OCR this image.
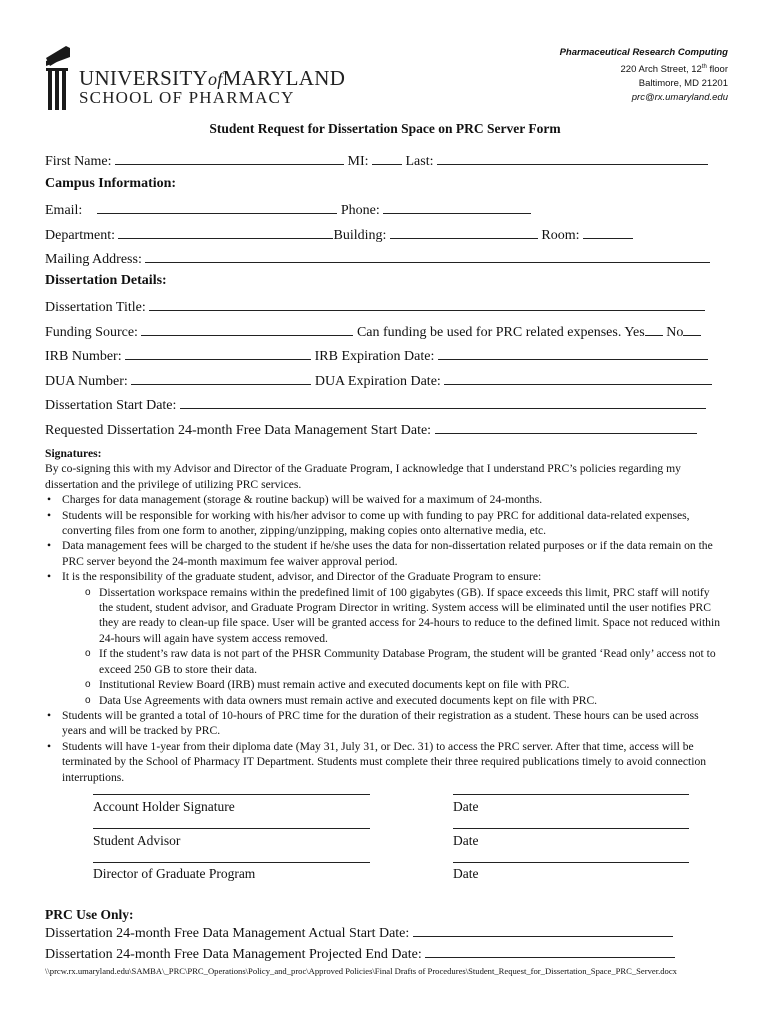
UNIVERSITYofMARYLAND
SCHOOL OF PHARMACY
Pharmaceutical Research Computing
220 Arch Street, 12th floor
Baltimore, MD 21201
prc@rx.umaryland.edu
Student Request for Dissertation Space on PRC Server Form
First Name:	MI:	Last:
Campus Information:
Email:	Phone:
Department:	Building:	Room:
Mailing Address:
Dissertation Details:
Dissertation Title:
Funding Source:	Can funding be used for PRC related expenses. Yes No
IRB Number:	IRB Expiration Date:
DUA Number:	DUA Expiration Date:
Dissertation Start Date:
Requested Dissertation 24-month Free Data Management Start Date:
Signatures:
By co-signing this with my Advisor and Director of the Graduate Program, I acknowledge that I understand PRC’s policies regarding my dissertation and the privilege of utilizing PRC services.
• Charges for data management (storage & routine backup) will be waived for a maximum of 24-months.
• Students will be responsible for working with his/her advisor to come up with funding to pay PRC for additional data-related expenses, converting files from one form to another, zipping/unzipping, making copies onto alternative media, etc.
• Data management fees will be charged to the student if he/she uses the data for non-dissertation related purposes or if the data remain on the PRC server beyond the 24-month maximum fee waiver approval period.
• It is the responsibility of the graduate student, advisor, and Director of the Graduate Program to ensure:
o Dissertation workspace remains within the predefined limit of 100 gigabytes (GB). If space exceeds this limit, PRC staff will notify the student, student advisor, and Graduate Program Director in writing. System access will be eliminated until the user notifies PRC they are ready to clean-up file space. User will be granted access for 24-hours to reduce to the defined limit. Space not reduced within 24-hours will again have system access removed.
o If the student’s raw data is not part of the PHSR Community Database Program, the student will be granted ‘Read only’ access not to exceed 250 GB to store their data.
o Institutional Review Board (IRB) must remain active and executed documents kept on file with PRC.
o Data Use Agreements with data owners must remain active and executed documents kept on file with PRC.
• Students will be granted a total of 10-hours of PRC time for the duration of their registration as a student. These hours can be used across years and will be tracked by PRC.
• Students will have 1-year from their diploma date (May 31, July 31, or Dec. 31) to access the PRC server. After that time, access will be terminated by the School of Pharmacy IT Department. Students must complete their three required publications timely to avoid connection interruptions.
Account Holder Signature	Date
Student Advisor	Date
Director of Graduate Program	Date
PRC Use Only:
Dissertation 24-month Free Data Management Actual Start Date:
Dissertation 24-month Free Data Management Projected End Date:
\\prcw.rx.umaryland.edu\SAMBA\_PRC\PRC_Operations\Policy_and_proc\Approved Policies\Final Drafts of Procedures\Student_Request_for_Dissertation_Space_PRC_Server.docx
